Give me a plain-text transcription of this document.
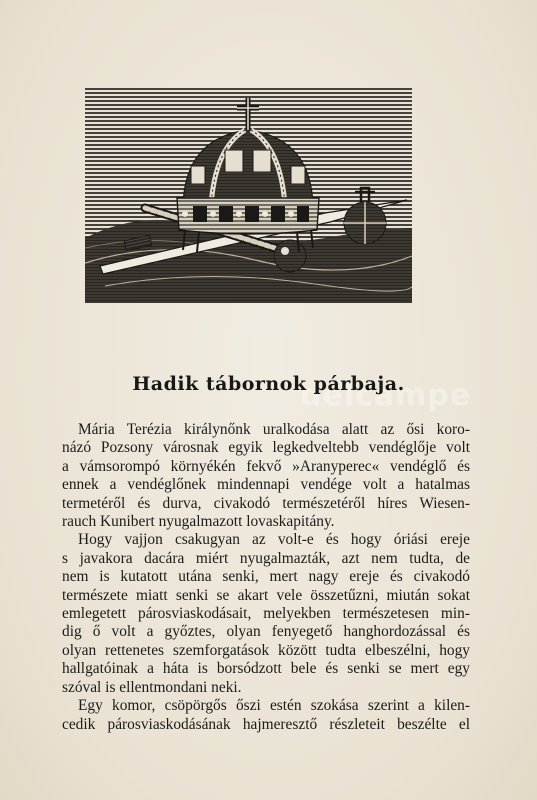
delcampe
Hadik tábornok párbaja.
Mária Terézia királynőnk uralkodása alatt az ősi koro-
názó Pozsony városnak egyik legkedveltebb vendéglője volt
a vámsorompó környékén fekvő »Aranyperec« vendéglő és
ennek a vendéglőnek mindennapi vendége volt a hatalmas
termetéről és durva, civakodó természetéről híres Wiesen-
rauch Kunibert nyugalmazott lovaskapitány.
Hogy vajjon csakugyan az volt-e és hogy óriási ereje
s javakora dacára miért nyugalmazták, azt nem tudta, de
nem is kutatott utána senki, mert nagy ereje és civakodó
természete miatt senki se akart vele összetűzni, miután sokat
emlegetett párosviaskodásait, melyekben természetesen min-
dig ő volt a győztes, olyan fenyegető hanghordozással és
olyan rettenetes szemforgatások között tudta elbeszélni, hogy
hallgatóinak a háta is borsódzott bele és senki se mert egy
szóval is ellentmondani neki.
Egy komor, csöpörgős őszi estén szokása szerint a kilen-
cedik párosviaskodásának hajmeresztő részleteit beszélte el
